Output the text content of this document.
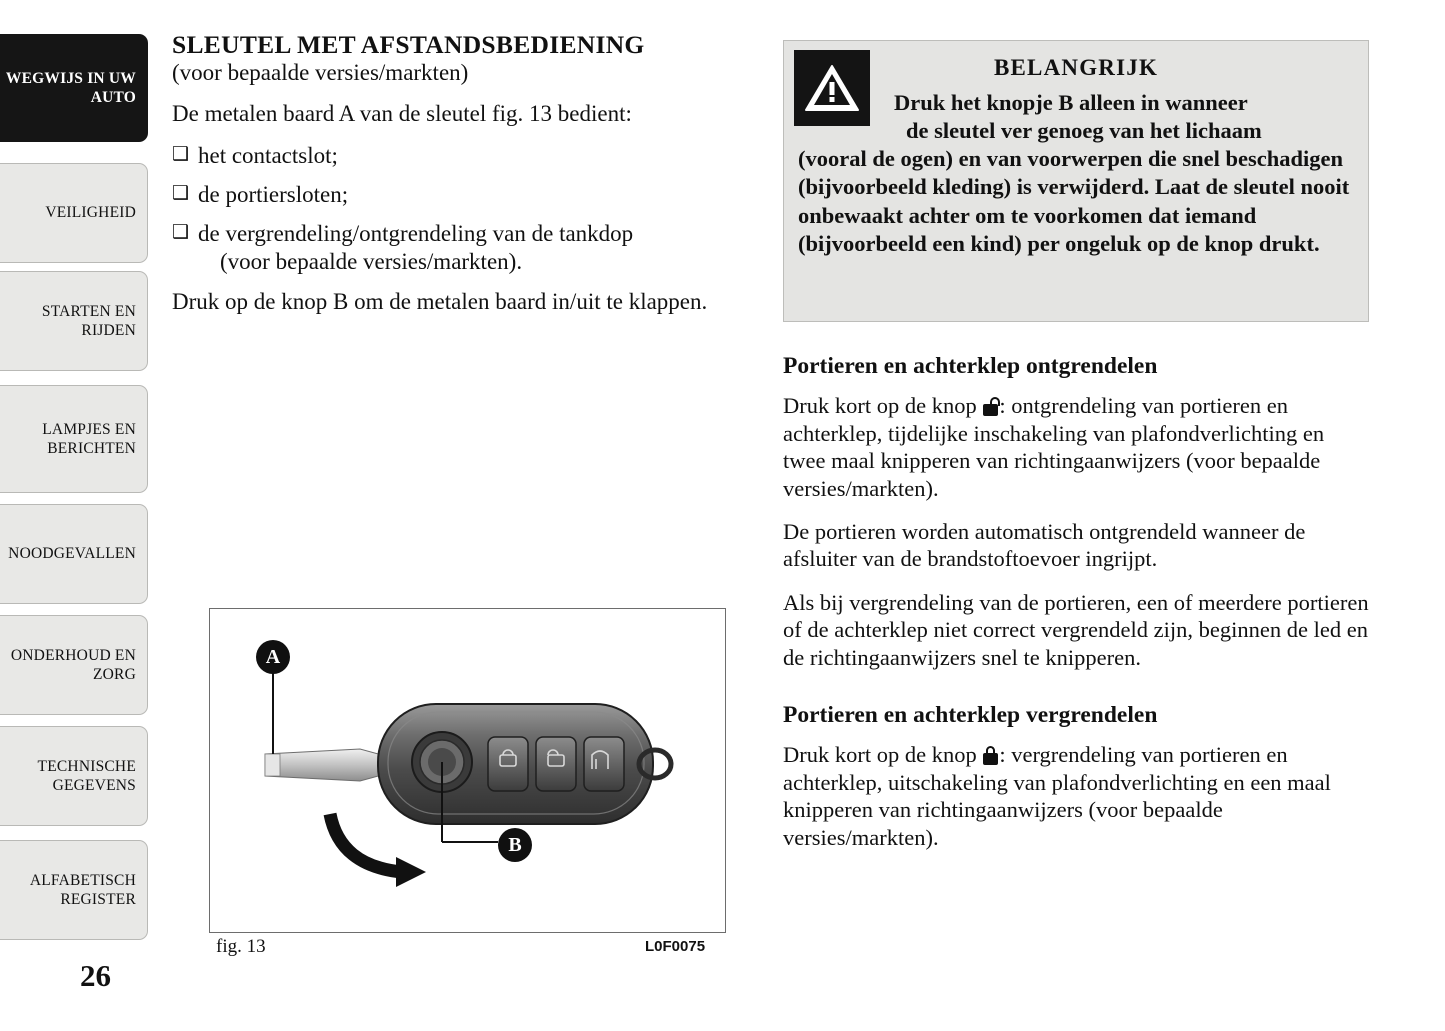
WEGWIJS IN UW
AUTO
VEILIGHEID
STARTEN EN
RIJDEN
LAMPJES EN
BERICHTEN
NOODGEVALLEN
ONDERHOUD EN
ZORG
TECHNISCHE
GEGEVENS
ALFABETISCH
REGISTER
26
SLEUTEL MET AFSTANDSBEDIENING
(voor bepaalde versies/markten)

De metalen baard A van de sleutel fig. 13 bedient:

❑ het contactslot;
❑ de portiersloten;
❑ de vergrendeling/ontgrendeling van de tankdop
(voor bepaalde versies/markten).

Druk op de knop B om de metalen baard in/uit te klappen.

A
B
fig. 13	L0F0075
BELANGRIJK

Druk het knopje B alleen in wanneer
de sleutel ver genoeg van het lichaam
(vooral de ogen) en van voorwerpen die snel beschadigen (bijvoorbeeld kleding) is verwijderd. Laat de sleutel nooit onbewaakt achter om te voorkomen dat iemand (bijvoorbeeld een kind) per ongeluk op de knop drukt.

Portieren en achterklep ontgrendelen

Druk kort op de knop
: ontgrendeling van portieren en achterklep, tijdelijke inschakeling van plafondverlichting en twee maal knipperen van richtingaanwijzers (voor bepaalde versies/markten).

De portieren worden automatisch ontgrendeld wanneer de afsluiter van de brandstoftoevoer ingrijpt.

Als bij vergrendeling van de portieren, een of meerdere portieren of de achterklep niet correct vergrendeld zijn, beginnen de led en de richtingaanwijzers snel te knipperen.

Portieren en achterklep vergrendelen

Druk kort op de knop
: vergrendeling van portieren en achterklep, uitschakeling van plafondverlichting en een maal knipperen van richtingaanwijzers (voor bepaalde versies/markten).
